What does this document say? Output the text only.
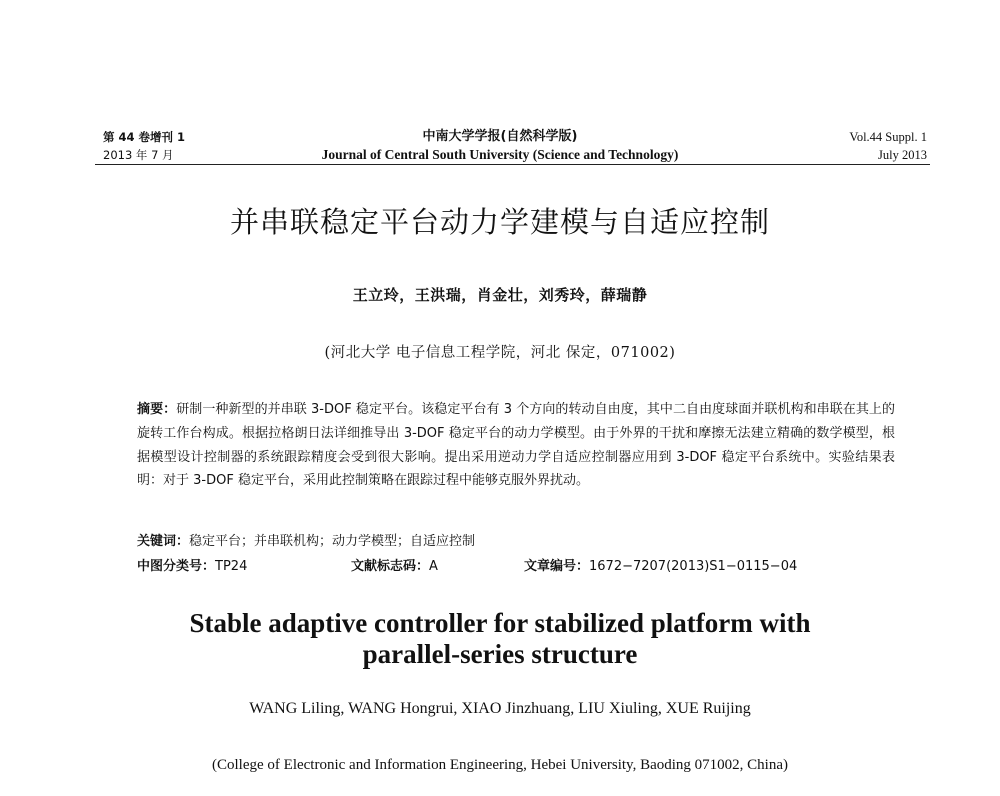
第 44 卷增刊 1
2013 年 7 月
中南大学学报(自然科学版)
Journal of Central South University (Science and Technology)
Vol.44 Suppl. 1
July 2013
并串联稳定平台动力学建模与自适应控制
王立玲，王洪瑞，肖金壮，刘秀玲，薛瑞静
(河北大学 电子信息工程学院，河北 保定，071002)
摘要：研制一种新型的并串联 3-DOF 稳定平台。该稳定平台有 3 个方向的转动自由度，其中二自由度球面并联机构和串联在其上的旋转工作台构成。根据拉格朗日法详细推导出 3-DOF 稳定平台的动力学模型。由于外界的干扰和摩擦无法建立精确的数学模型，根据模型设计控制器的系统跟踪精度会受到很大影响。提出采用逆动力学自适应控制器应用到 3-DOF 稳定平台系统中。实验结果表明：对于 3-DOF 稳定平台，采用此控制策略在跟踪过程中能够克服外界扰动。
关键词：稳定平台；并串联机构；动力学模型；自适应控制
中图分类号：TP24	文献标志码：A	文章编号：1672−7207(2013)S1−0115−04
Stable adaptive controller for stabilized platform with
parallel-series structure
WANG Liling, WANG Hongrui, XIAO Jinzhuang, LIU Xiuling, XUE Ruijing
(College of Electronic and Information Engineering, Hebei University, Baoding 071002, China)
